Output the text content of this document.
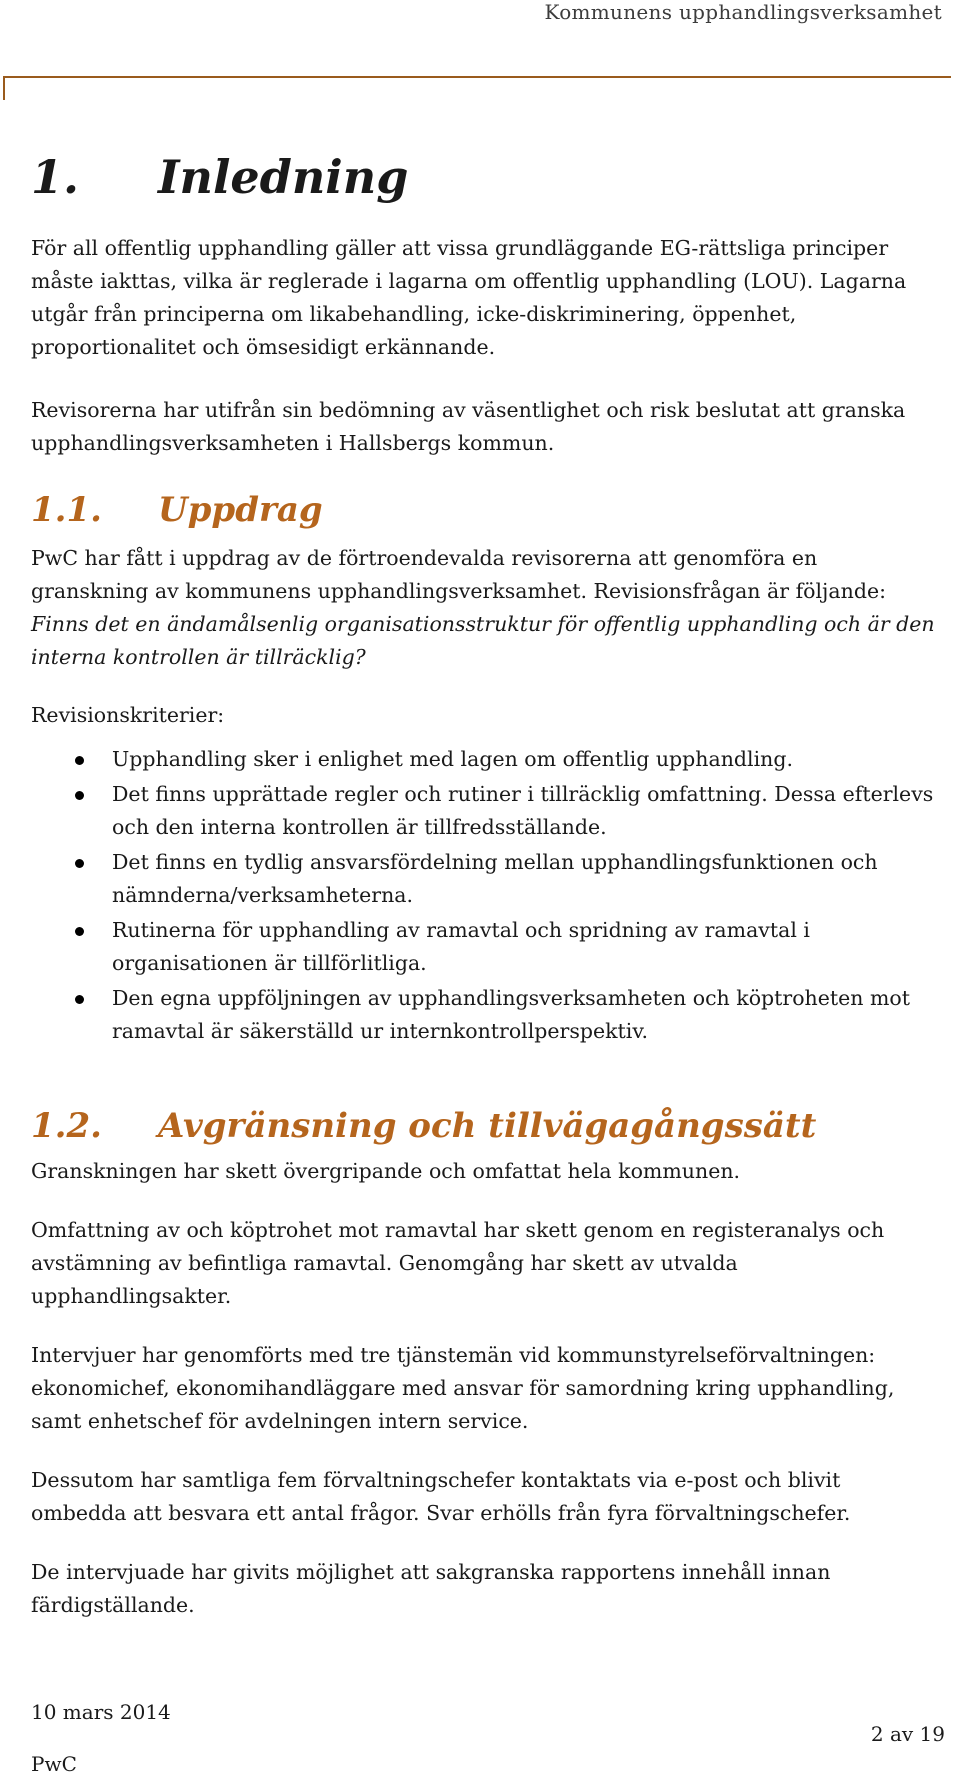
Kommunens upphandlingsverksamhet
1. Inledning

För all offentlig upphandling gäller att vissa grundläggande EG-rättsliga principer måste iakttas, vilka är reglerade i lagarna om offentlig upphandling (LOU). Lagarna utgår från principerna om likabehandling, icke-diskriminering, öppenhet, proportionalitet och ömsesidigt erkännande.

Revisorerna har utifrån sin bedömning av väsentlighet och risk beslutat att granska upphandlingsverksamheten i Hallsbergs kommun.

1.1. Uppdrag

PwC har fått i uppdrag av de förtroendevalda revisorerna att genomföra en granskning av kommunens upphandlingsverksamhet. Revisionsfrågan är följande: Finns det en ändamålsenlig organisationsstruktur för offentlig upphandling och är den interna kontrollen är tillräcklig?

Revisionskriterier:

Upphandling sker i enlighet med lagen om offentlig upphandling.
Det finns upprättade regler och rutiner i tillräcklig omfattning. Dessa efterlevs och den interna kontrollen är tillfredsställande.
Det finns en tydlig ansvarsfördelning mellan upphandlingsfunktionen och nämnderna/verksamheterna.
Rutinerna för upphandling av ramavtal och spridning av ramavtal i organisationen är tillförlitliga.
Den egna uppföljningen av upphandlingsverksamheten och köptroheten mot ramavtal är säkerställd ur internkontrollperspektiv.
1.2. Avgränsning och tillvägagångssätt

Granskningen har skett övergripande och omfattat hela kommunen.

Omfattning av och köptrohet mot ramavtal har skett genom en registeranalys och avstämning av befintliga ramavtal. Genomgång har skett av utvalda upphandlingsakter.

Intervjuer har genomförts med tre tjänstemän vid kommunstyrelseförvaltningen: ekonomichef, ekonomihandläggare med ansvar för samordning kring upphandling, samt enhetschef för avdelningen intern service.

Dessutom har samtliga fem förvaltningschefer kontaktats via e-post och blivit ombedda att besvara ett antal frågor. Svar erhölls från fyra förvaltningschefer.

De intervjuade har givits möjlighet att sakgranska rapportens innehåll innan färdigställande.

10 mars 2014
PwC
2 av 19
